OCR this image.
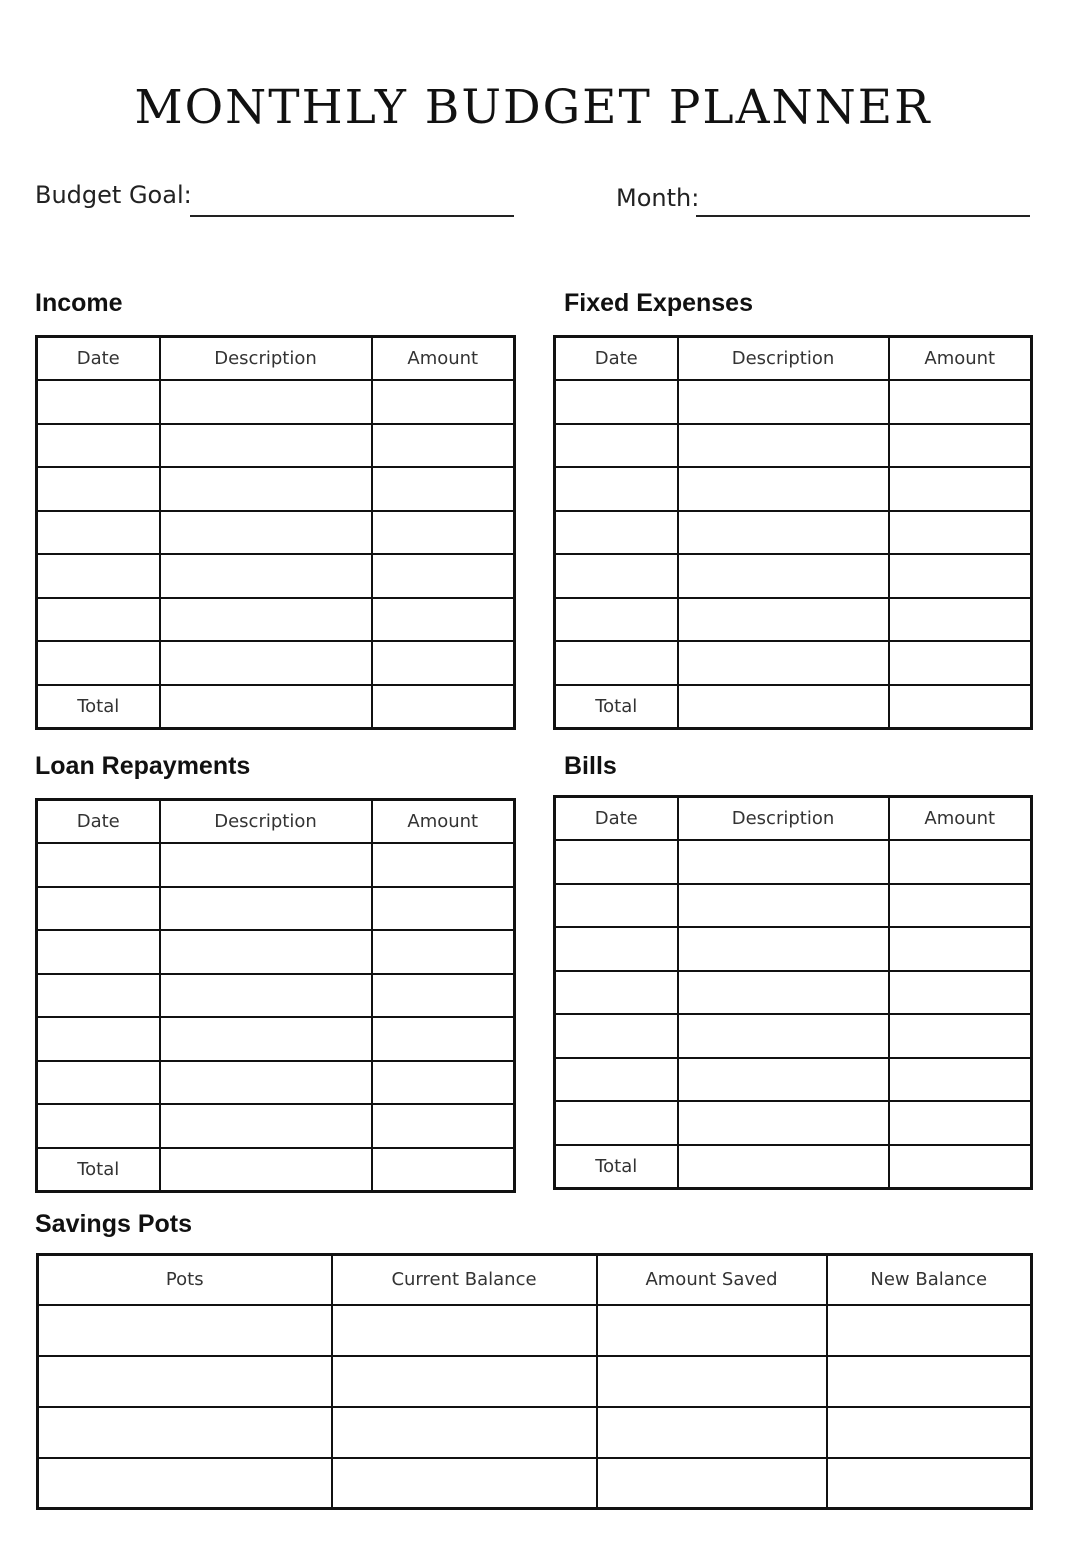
MONTHLY BUDGET PLANNER
Budget Goal:	Month:
Income
Date	Description	Amount

Total		
Fixed Expenses
Date	Description	Amount

Total		
Loan Repayments
Date	Description	Amount

Total		
Bills
Date	Description	Amount

Total		
Savings Pots
Pots	Current Balance	Amount Saved	New Balance
